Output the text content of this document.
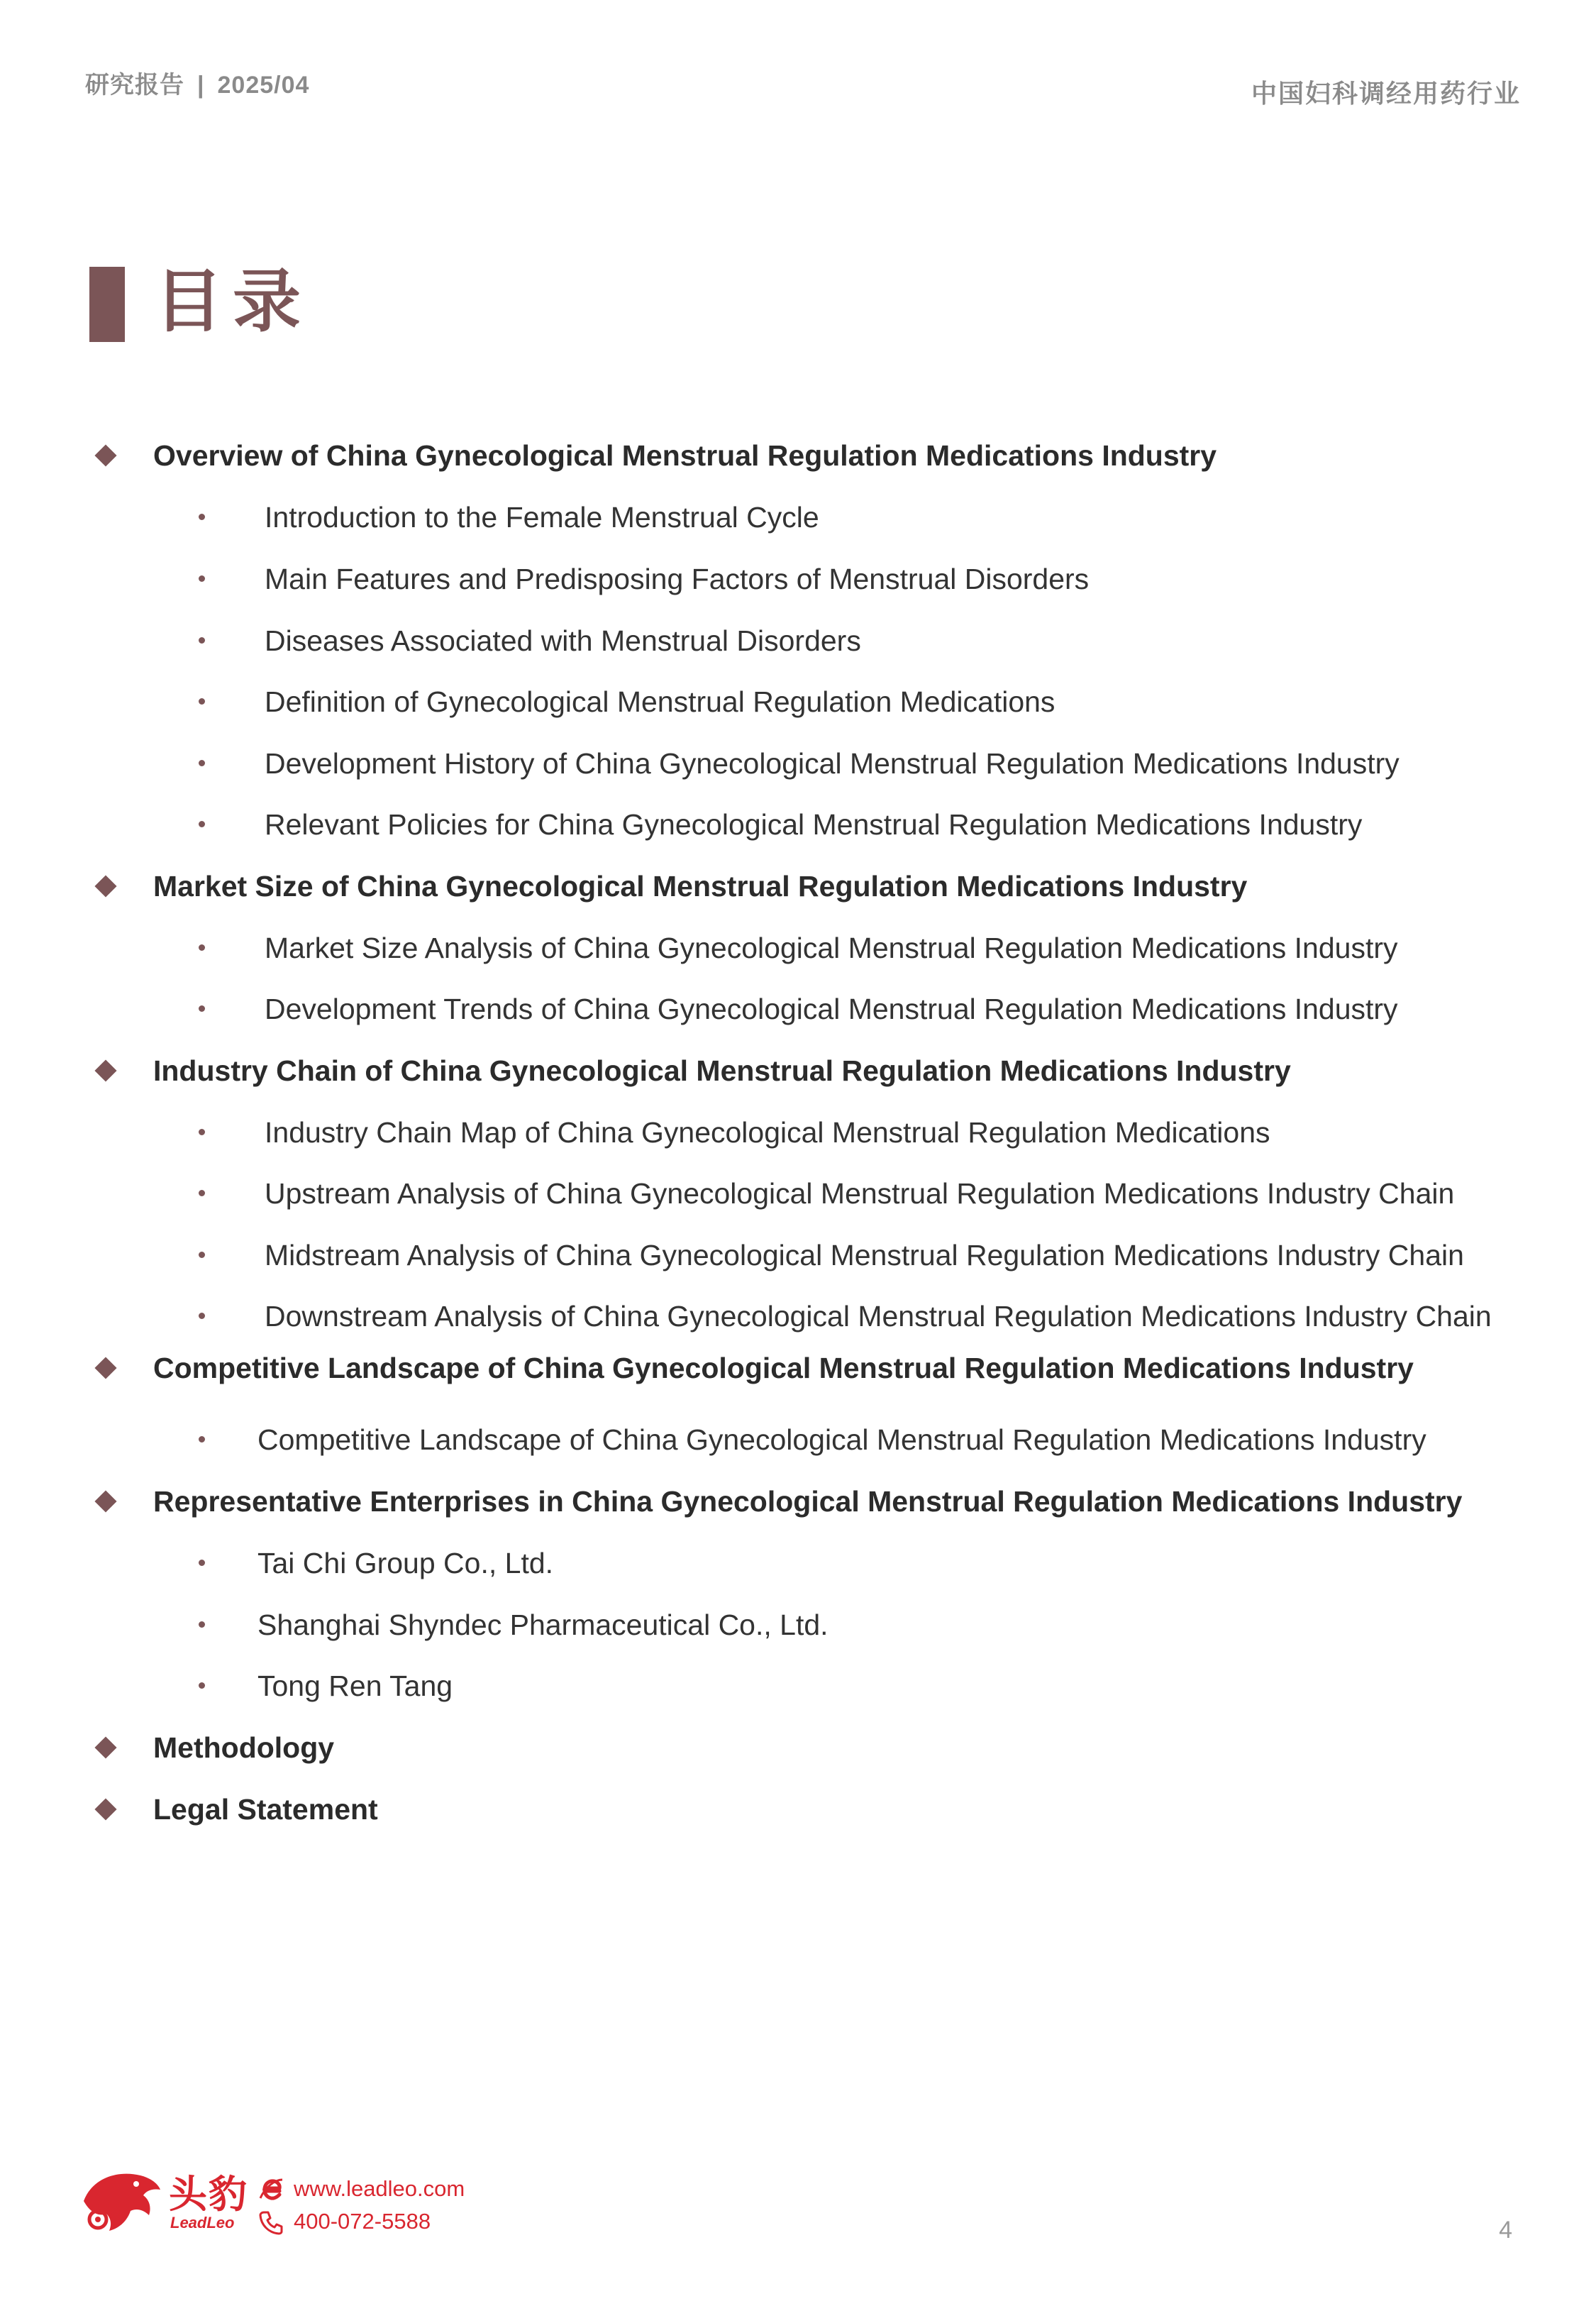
研究报告 | 2025/04	中国妇科调经用药行业
目录
Overview of China Gynecological Menstrual Regulation Medications Industry
Introduction to the Female Menstrual Cycle
Main Features and Predisposing Factors of Menstrual Disorders
Diseases Associated with Menstrual Disorders
Definition of Gynecological Menstrual Regulation Medications
Development History of China Gynecological Menstrual Regulation Medications Industry
Relevant Policies for China Gynecological Menstrual Regulation Medications Industry
Market Size of China Gynecological Menstrual Regulation Medications Industry
Market Size Analysis of China Gynecological Menstrual Regulation Medications Industry
Development Trends of China Gynecological Menstrual Regulation Medications Industry
Industry Chain of China Gynecological Menstrual Regulation Medications Industry
Industry Chain Map of China Gynecological Menstrual Regulation Medications
Upstream Analysis of China Gynecological Menstrual Regulation Medications Industry Chain
Midstream Analysis of China Gynecological Menstrual Regulation Medications Industry Chain
Downstream Analysis of China Gynecological Menstrual Regulation Medications Industry Chain
Competitive Landscape of China Gynecological Menstrual Regulation Medications Industry
Competitive Landscape of China Gynecological Menstrual Regulation Medications Industry
Representative Enterprises in China Gynecological Menstrual Regulation Medications Industry
Tai Chi Group Co., Ltd.
Shanghai Shyndec Pharmaceutical Co., Ltd.
Tong Ren Tang
Methodology
Legal Statement
头豹
LeadLeo
www.leadleo.com
400-072-5588	4
